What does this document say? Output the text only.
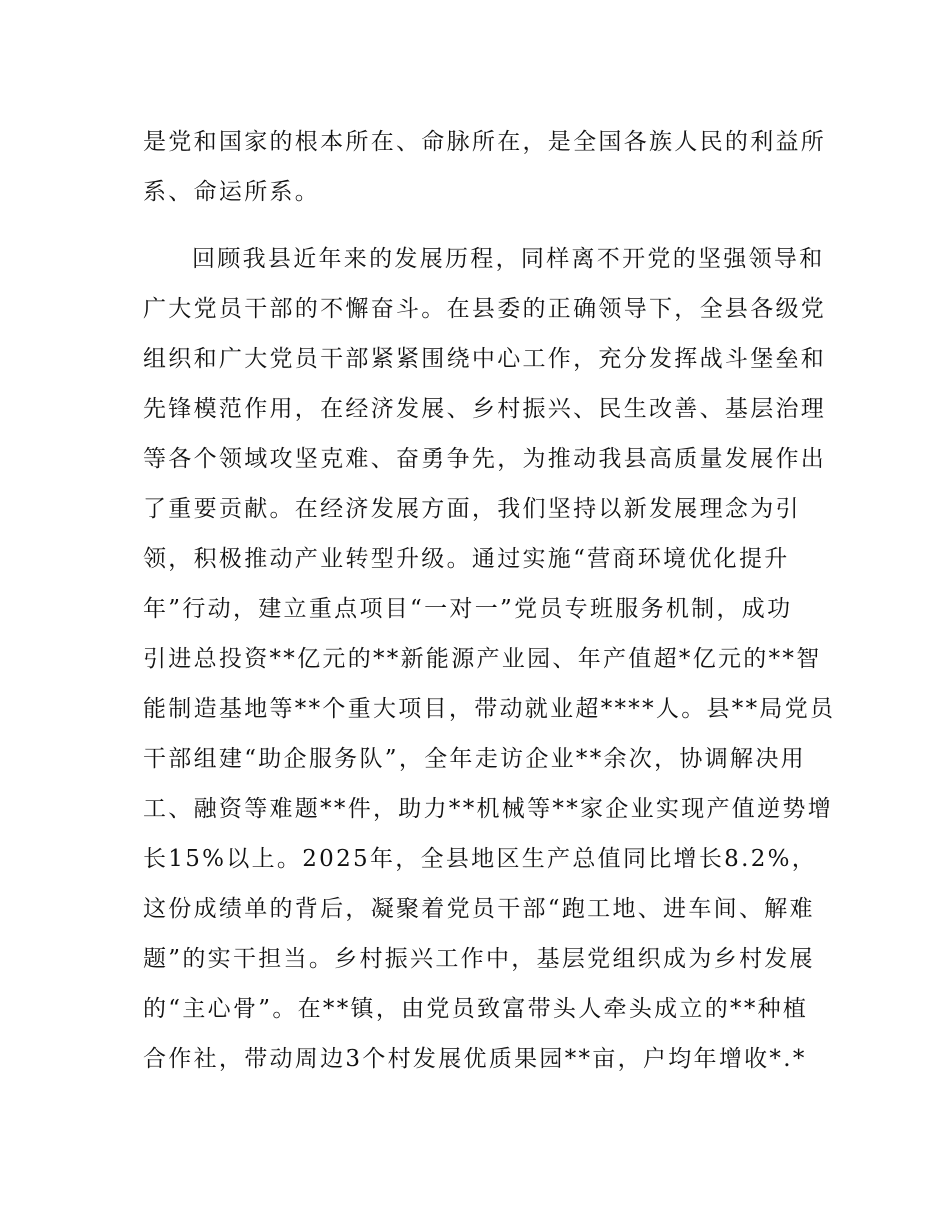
是党和国家的根本所在、命脉所在，是全国各族人民的利益所
系、命运所系。
回顾我县近年来的发展历程，同样离不开党的坚强领导和
广大党员干部的不懈奋斗。在县委的正确领导下，全县各级党
组织和广大党员干部紧紧围绕中心工作，充分发挥战斗堡垒和
先锋模范作用，在经济发展、乡村振兴、民生改善、基层治理
等各个领域攻坚克难、奋勇争先，为推动我县高质量发展作出
了重要贡献。在经济发展方面，我们坚持以新发展理念为引
领，积极推动产业转型升级。通过实施“营商环境优化提升
年”行动，建立重点项目“一对一”党员专班服务机制，成功
引进总投资**亿元的**新能源产业园、年产值超*亿元的**智
能制造基地等**个重大项目，带动就业超****人。县**局党员
干部组建“助企服务队”，全年走访企业**余次，协调解决用
工、融资等难题**件，助力**机械等**家企业实现产值逆势增
长15%以上。2025年，全县地区生产总值同比增长8.2%，
这份成绩单的背后，凝聚着党员干部“跑工地、进车间、解难
题”的实干担当。乡村振兴工作中，基层党组织成为乡村发展
的“主心骨”。在**镇，由党员致富带头人牵头成立的**种植
合作社，带动周边3个村发展优质果园**亩，户均年增收*.*
